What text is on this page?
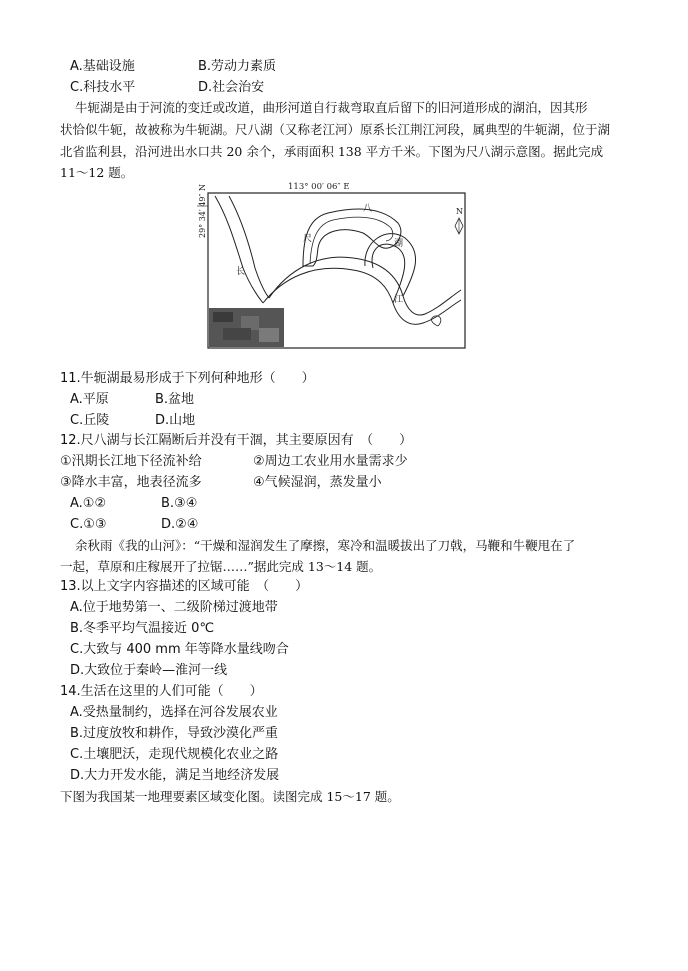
A.基础设施	B.劳动力素质
C.科技水平	D.社会治安
牛轭湖是由于河流的变迁或改道，曲形河道自行裁弯取直后留下的旧河道形成的湖泊，因其形
状恰似牛轭，故被称为牛轭湖。尺八湖（又称老江河）原系长江荆江河段，属典型的牛轭湖，位于湖
北省监利县，沿河进出水口共 20 余个，承雨面积 138 平方千米。下图为尺八湖示意图。据此完成
11～12 题。
113° 00′ 06″ E
29° 34′ 49″ N	N
尺
八
湖
长
江
11.牛轭湖最易形成于下列何种地形（　　）
A.平原	B.盆地
C.丘陵	D.山地
12.尺八湖与长江隔断后并没有干涸，其主要原因有　（　　）
①汛期长江地下径流补给	②周边工农业用水量需求少
③降水丰富，地表径流多	④气候湿润，蒸发量小
A.①②	B.③④
C.①③	D.②④
余秋雨《我的山河》：“干燥和湿润发生了摩擦，寒冷和温暖拔出了刀戟，马鞭和牛鞭甩在了
一起，草原和庄稼展开了拉锯……”据此完成 13～14 题。
13.以上文字内容描述的区域可能　（　　）
A.位于地势第一、二级阶梯过渡地带
B.冬季平均气温接近 0℃
C.大致与 400 mm 年等降水量线吻合
D.大致位于秦岭—淮河一线
14.生活在这里的人们可能（　　）
A.受热量制约，选择在河谷发展农业
B.过度放牧和耕作，导致沙漠化严重
C.土壤肥沃，走现代规模化农业之路
D.大力开发水能，满足当地经济发展
下图为我国某一地理要素区域变化图。读图完成 15～17 题。
